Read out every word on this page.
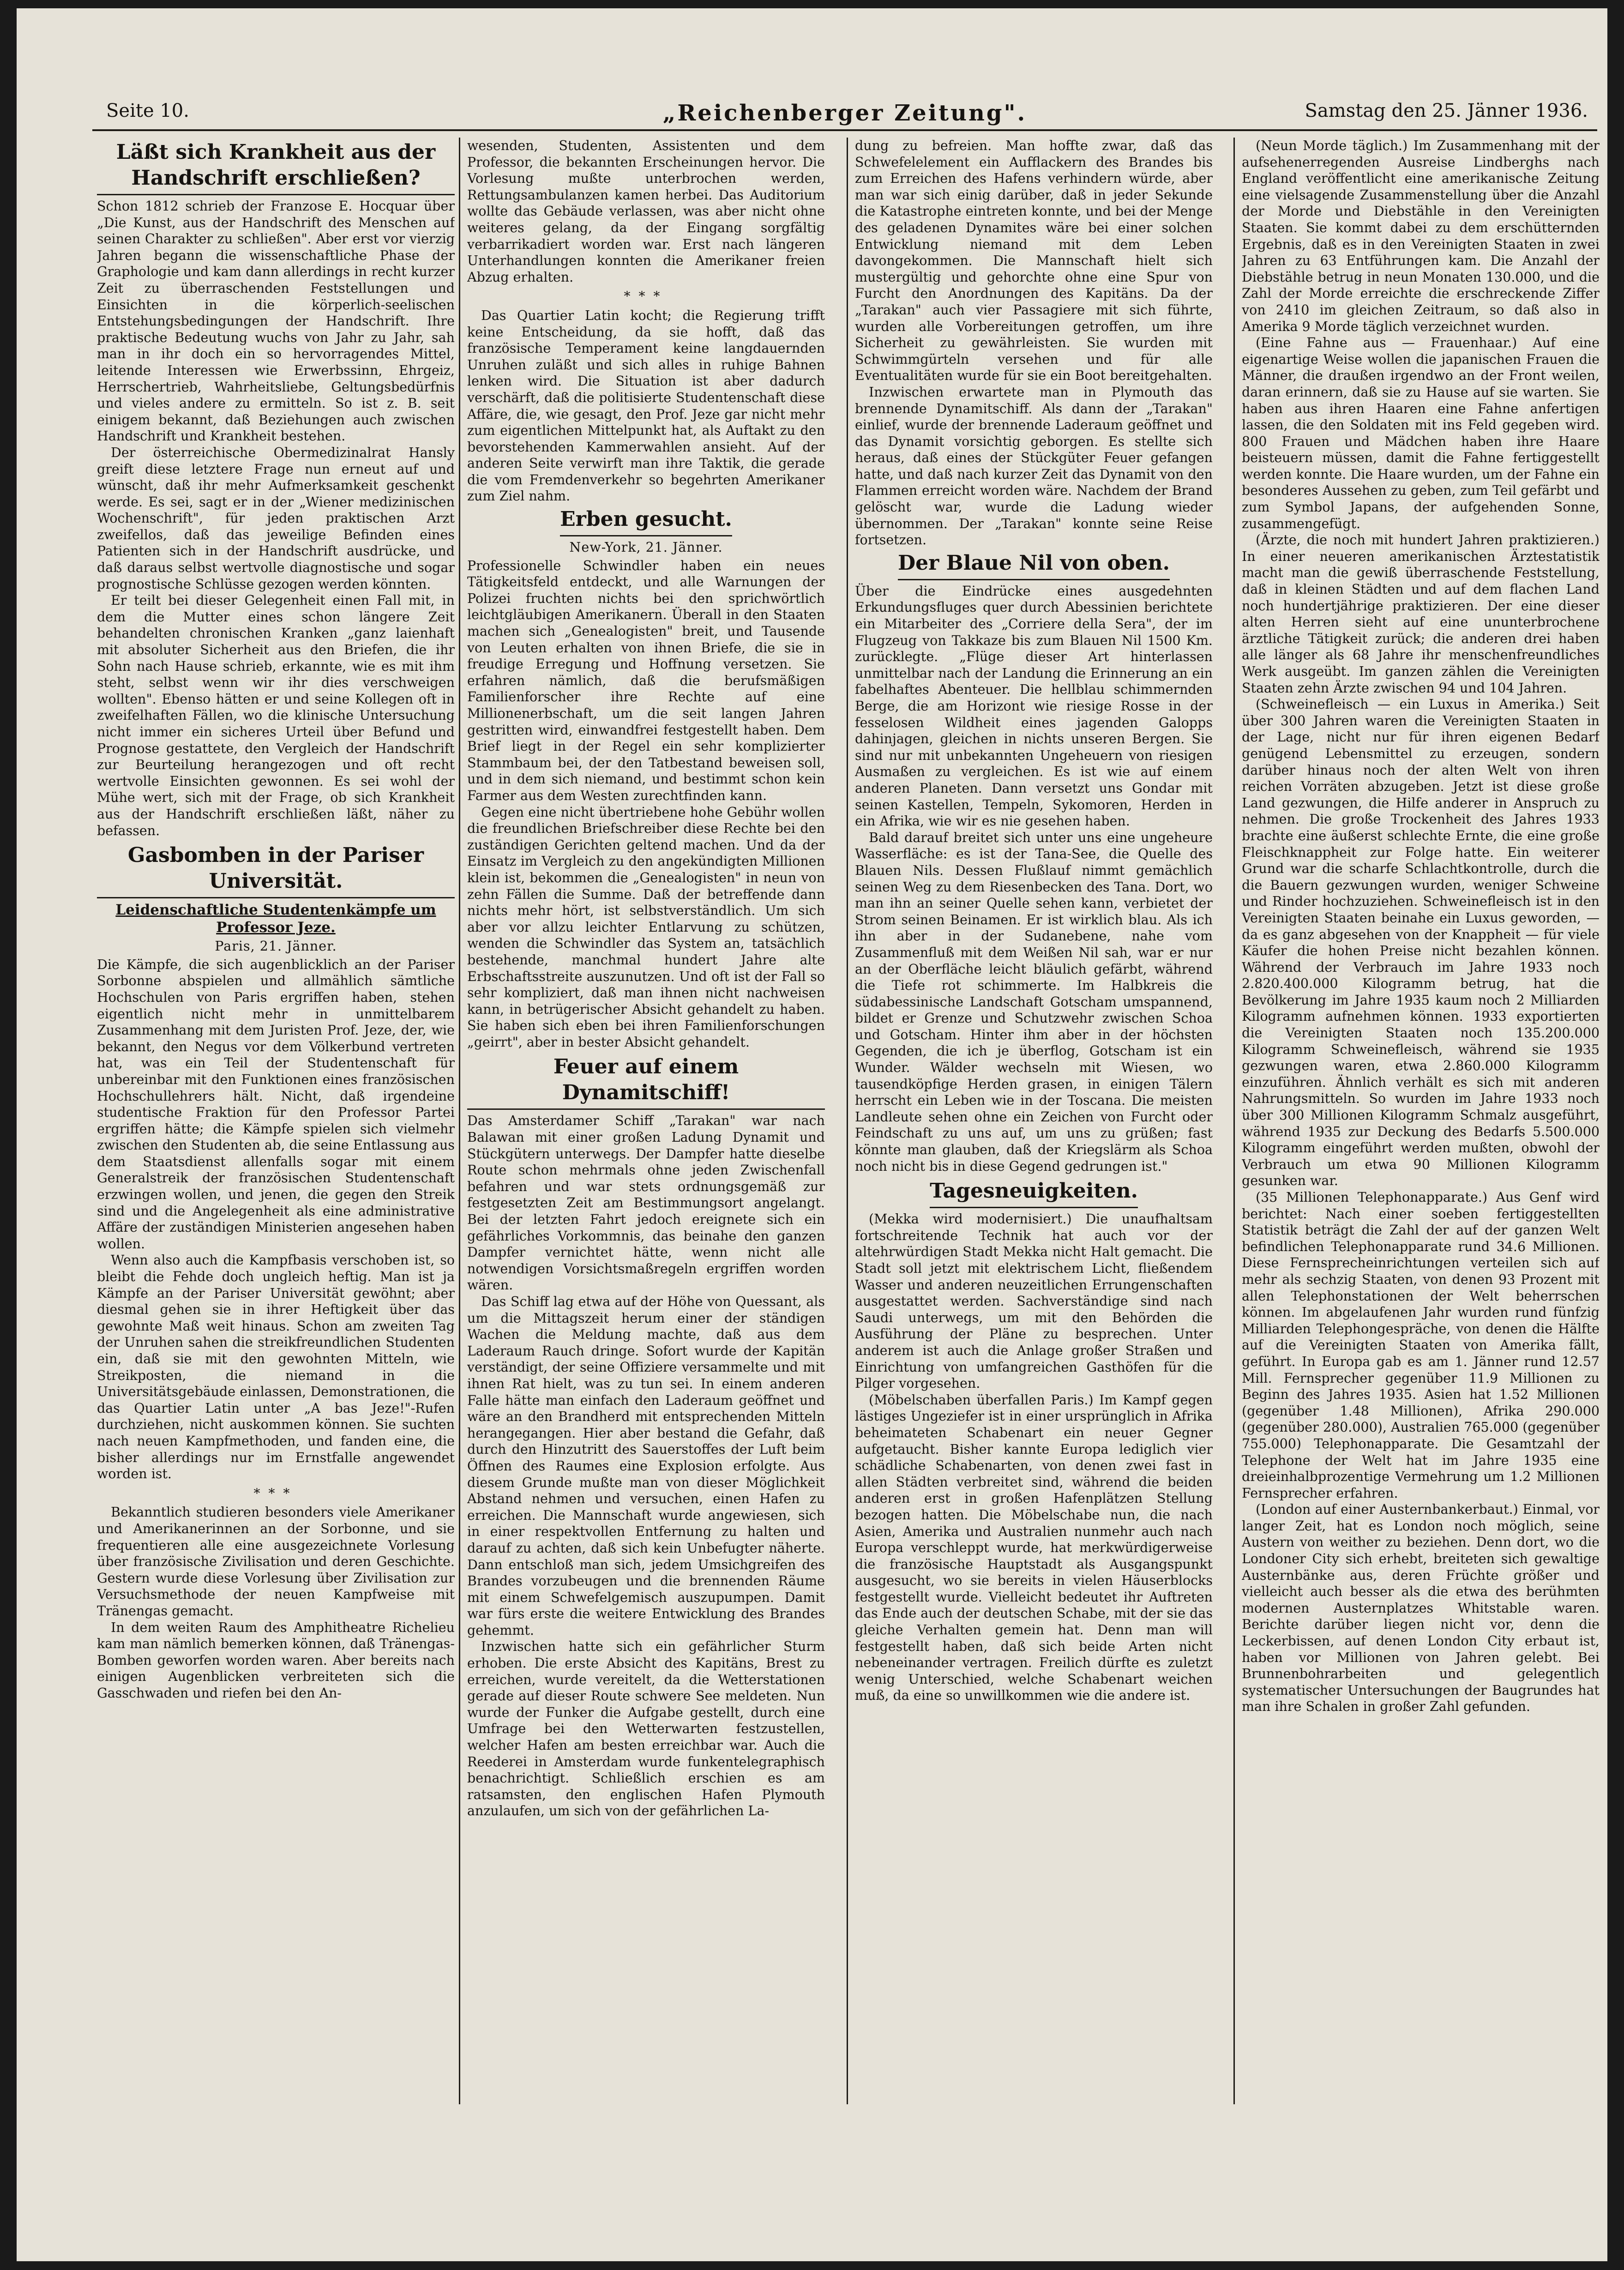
Seite 10.	„Reichenberger Zeitung".	Samstag den 25. Jänner 1936.
Läßt sich Krankheit aus der Handschrift erschließen?

Schon 1812 schrieb der Franzose E. Hocquar über „Die Kunst, aus der Handschrift des Menschen auf seinen Charakter zu schließen". Aber erst vor vierzig Jahren begann die wissenschaftliche Phase der Graphologie und kam dann allerdings in recht kurzer Zeit zu überraschenden Feststellungen und Einsichten in die körperlich-seelischen Entstehungsbedingungen der Handschrift. Ihre praktische Bedeutung wuchs von Jahr zu Jahr, sah man in ihr doch ein so hervorragendes Mittel, leitende Interessen wie Erwerbssinn, Ehrgeiz, Herrschertrieb, Wahrheitsliebe, Geltungsbedürfnis und vieles andere zu ermitteln. So ist z. B. seit einigem bekannt, daß Beziehungen auch zwischen Handschrift und Krankheit bestehen.

Der österreichische Obermedizinalrat Hansly greift diese letztere Frage nun erneut auf und wünscht, daß ihr mehr Aufmerksamkeit geschenkt werde. Es sei, sagt er in der „Wiener medizinischen Wochenschrift", für jeden praktischen Arzt zweifellos, daß das jeweilige Befinden eines Patienten sich in der Handschrift ausdrücke, und daß daraus selbst wertvolle diagnostische und sogar prognostische Schlüsse gezogen werden könnten.

Er teilt bei dieser Gelegenheit einen Fall mit, in dem die Mutter eines schon längere Zeit behandelten chronischen Kranken „ganz laienhaft mit absoluter Sicherheit aus den Briefen, die ihr Sohn nach Hause schrieb, erkannte, wie es mit ihm steht, selbst wenn wir ihr dies verschweigen wollten". Ebenso hätten er und seine Kollegen oft in zweifelhaften Fällen, wo die klinische Untersuchung nicht immer ein sicheres Urteil über Befund und Prognose gestattete, den Vergleich der Handschrift zur Beurteilung herangezogen und oft recht wertvolle Einsichten gewonnen. Es sei wohl der Mühe wert, sich mit der Frage, ob sich Krankheit aus der Handschrift erschließen läßt, näher zu befassen.

Gasbomben in der Pariser Universität.
Leidenschaftliche Studentenkämpfe um Professor Jeze.
Paris, 21. Jänner.

Die Kämpfe, die sich augenblicklich an der Pariser Sorbonne abspielen und allmählich sämtliche Hochschulen von Paris ergriffen haben, stehen eigentlich nicht mehr in unmittelbarem Zusammenhang mit dem Juristen Prof. Jeze, der, wie bekannt, den Negus vor dem Völkerbund vertreten hat, was ein Teil der Studentenschaft für unbereinbar mit den Funktionen eines französischen Hochschullehrers hält. Nicht, daß irgendeine studentische Fraktion für den Professor Partei ergriffen hätte; die Kämpfe spielen sich vielmehr zwischen den Studenten ab, die seine Entlassung aus dem Staatsdienst allenfalls sogar mit einem Generalstreik der französischen Studentenschaft erzwingen wollen, und jenen, die gegen den Streik sind und die Angelegenheit als eine administrative Affäre der zuständigen Ministerien angesehen haben wollen.

Wenn also auch die Kampfbasis verschoben ist, so bleibt die Fehde doch ungleich heftig. Man ist ja Kämpfe an der Pariser Universität gewöhnt; aber diesmal gehen sie in ihrer Heftigkeit über das gewohnte Maß weit hinaus. Schon am zweiten Tag der Unruhen sahen die streikfreundlichen Studenten ein, daß sie mit den gewohnten Mitteln, wie Streikposten, die niemand in die Universitätsgebäude einlassen, Demonstrationen, die das Quartier Latin unter „A bas Jeze!"-Rufen durchziehen, nicht auskommen können. Sie suchten nach neuen Kampfmethoden, und fanden eine, die bisher allerdings nur im Ernstfalle angewendet worden ist.

***

Bekanntlich studieren besonders viele Amerikaner und Amerikanerinnen an der Sorbonne, und sie frequentieren alle eine ausgezeichnete Vorlesung über französische Zivilisation und deren Geschichte. Gestern wurde diese Vorlesung über Zivilisation zur Versuchsmethode der neuen Kampfweise mit Tränengas gemacht.

In dem weiten Raum des Amphitheatre Richelieu kam man nämlich bemerken können, daß Tränengas-Bomben geworfen worden waren. Aber bereits nach einigen Augenblicken verbreiteten sich die Gasschwaden und riefen bei den An-

wesenden, Studenten, Assistenten und dem Professor, die bekannten Erscheinungen hervor. Die Vorlesung mußte unterbrochen werden, Rettungsambulanzen kamen herbei. Das Auditorium wollte das Gebäude verlassen, was aber nicht ohne weiteres gelang, da der Eingang sorgfältig verbarrikadiert worden war. Erst nach längeren Unterhandlungen konnten die Amerikaner freien Abzug erhalten.

***

Das Quartier Latin kocht; die Regierung trifft keine Entscheidung, da sie hofft, daß das französische Temperament keine langdauernden Unruhen zuläßt und sich alles in ruhige Bahnen lenken wird. Die Situation ist aber dadurch verschärft, daß die politisierte Studentenschaft diese Affäre, die, wie gesagt, den Prof. Jeze gar nicht mehr zum eigentlichen Mittelpunkt hat, als Auftakt zu den bevorstehenden Kammerwahlen ansieht. Auf der anderen Seite verwirft man ihre Taktik, die gerade die vom Fremdenverkehr so begehrten Amerikaner zum Ziel nahm.

Erben gesucht.
New-York, 21. Jänner.

Professionelle Schwindler haben ein neues Tätigkeitsfeld entdeckt, und alle Warnungen der Polizei fruchten nichts bei den sprichwörtlich leichtgläubigen Amerikanern. Überall in den Staaten machen sich „Genealogisten" breit, und Tausende von Leuten erhalten von ihnen Briefe, die sie in freudige Erregung und Hoffnung versetzen. Sie erfahren nämlich, daß die berufsmäßigen Familienforscher ihre Rechte auf eine Millionenerbschaft, um die seit langen Jahren gestritten wird, einwandfrei festgestellt haben. Dem Brief liegt in der Regel ein sehr komplizierter Stammbaum bei, der den Tatbestand beweisen soll, und in dem sich niemand, und bestimmt schon kein Farmer aus dem Westen zurechtfinden kann.

Gegen eine nicht übertriebene hohe Gebühr wollen die freundlichen Briefschreiber diese Rechte bei den zuständigen Gerichten geltend machen. Und da der Einsatz im Vergleich zu den angekündigten Millionen klein ist, bekommen die „Genealogisten" in neun von zehn Fällen die Summe. Daß der betreffende dann nichts mehr hört, ist selbstverständlich. Um sich aber vor allzu leichter Entlarvung zu schützen, wenden die Schwindler das System an, tatsächlich bestehende, manchmal hundert Jahre alte Erbschaftsstreite auszunutzen. Und oft ist der Fall so sehr kompliziert, daß man ihnen nicht nachweisen kann, in betrügerischer Absicht gehandelt zu haben. Sie haben sich eben bei ihren Familienforschungen „geirrt", aber in bester Absicht gehandelt.

Feuer auf einem Dynamitschiff!

Das Amsterdamer Schiff „Tarakan" war nach Balawan mit einer großen Ladung Dynamit und Stückgütern unterwegs. Der Dampfer hatte dieselbe Route schon mehrmals ohne jeden Zwischenfall befahren und war stets ordnungsgemäß zur festgesetzten Zeit am Bestimmungsort angelangt. Bei der letzten Fahrt jedoch ereignete sich ein gefährliches Vorkommnis, das beinahe den ganzen Dampfer vernichtet hätte, wenn nicht alle notwendigen Vorsichtsmaßregeln ergriffen worden wären.

Das Schiff lag etwa auf der Höhe von Quessant, als um die Mittagszeit herum einer der ständigen Wachen die Meldung machte, daß aus dem Laderaum Rauch dringe. Sofort wurde der Kapitän verständigt, der seine Offiziere versammelte und mit ihnen Rat hielt, was zu tun sei. In einem anderen Falle hätte man einfach den Laderaum geöffnet und wäre an den Brandherd mit entsprechenden Mitteln herangegangen. Hier aber bestand die Gefahr, daß durch den Hinzutritt des Sauerstoffes der Luft beim Öffnen des Raumes eine Explosion erfolgte. Aus diesem Grunde mußte man von dieser Möglichkeit Abstand nehmen und versuchen, einen Hafen zu erreichen. Die Mannschaft wurde angewiesen, sich in einer respektvollen Entfernung zu halten und darauf zu achten, daß sich kein Unbefugter näherte. Dann entschloß man sich, jedem Umsichgreifen des Brandes vorzubeugen und die brennenden Räume mit einem Schwefelgemisch auszupumpen. Damit war fürs erste die weitere Entwicklung des Brandes gehemmt.

Inzwischen hatte sich ein gefährlicher Sturm erhoben. Die erste Absicht des Kapitäns, Brest zu erreichen, wurde vereitelt, da die Wetterstationen gerade auf dieser Route schwere See meldeten. Nun wurde der Funker die Aufgabe gestellt, durch eine Umfrage bei den Wetterwarten festzustellen, welcher Hafen am besten erreichbar war. Auch die Reederei in Amsterdam wurde funkentelegraphisch benachrichtigt. Schließlich erschien es am ratsamsten, den englischen Hafen Plymouth anzulaufen, um sich von der gefährlichen La-

dung zu befreien. Man hoffte zwar, daß das Schwefelelement ein Aufflackern des Brandes bis zum Erreichen des Hafens verhindern würde, aber man war sich einig darüber, daß in jeder Sekunde die Katastrophe eintreten konnte, und bei der Menge des geladenen Dynamites wäre bei einer solchen Entwicklung niemand mit dem Leben davongekommen. Die Mannschaft hielt sich mustergültig und gehorchte ohne eine Spur von Furcht den Anordnungen des Kapitäns. Da der „Tarakan" auch vier Passagiere mit sich führte, wurden alle Vorbereitungen getroffen, um ihre Sicherheit zu gewährleisten. Sie wurden mit Schwimmgürteln versehen und für alle Eventualitäten wurde für sie ein Boot bereitgehalten.

Inzwischen erwartete man in Plymouth das brennende Dynamitschiff. Als dann der „Tarakan" einlief, wurde der brennende Laderaum geöffnet und das Dynamit vorsichtig geborgen. Es stellte sich heraus, daß eines der Stückgüter Feuer gefangen hatte, und daß nach kurzer Zeit das Dynamit von den Flammen erreicht worden wäre. Nachdem der Brand gelöscht war, wurde die Ladung wieder übernommen. Der „Tarakan" konnte seine Reise fortsetzen.

Der Blaue Nil von oben.

Über die Eindrücke eines ausgedehnten Erkundungsfluges quer durch Abessinien berichtete ein Mitarbeiter des „Corriere della Sera", der im Flugzeug von Takkaze bis zum Blauen Nil 1500 Km. zurücklegte. „Flüge dieser Art hinterlassen unmittelbar nach der Landung die Erinnerung an ein fabelhaftes Abenteuer. Die hellblau schimmernden Berge, die am Horizont wie riesige Rosse in der fesselosen Wildheit eines jagenden Galopps dahinjagen, gleichen in nichts unseren Bergen. Sie sind nur mit unbekannten Ungeheuern von riesigen Ausmaßen zu vergleichen. Es ist wie auf einem anderen Planeten. Dann versetzt uns Gondar mit seinen Kastellen, Tempeln, Sykomoren, Herden in ein Afrika, wie wir es nie gesehen haben.

Bald darauf breitet sich unter uns eine ungeheure Wasserfläche: es ist der Tana-See, die Quelle des Blauen Nils. Dessen Flußlauf nimmt gemächlich seinen Weg zu dem Riesenbecken des Tana. Dort, wo man ihn an seiner Quelle sehen kann, verbietet der Strom seinen Beinamen. Er ist wirklich blau. Als ich ihn aber in der Sudanebene, nahe vom Zusammenfluß mit dem Weißen Nil sah, war er nur an der Oberfläche leicht bläulich gefärbt, während die Tiefe rot schimmerte. Im Halbkreis die südabessinische Landschaft Gotscham umspannend, bildet er Grenze und Schutzwehr zwischen Schoa und Gotscham. Hinter ihm aber in der höchsten Gegenden, die ich je überflog, Gotscham ist ein Wunder. Wälder wechseln mit Wiesen, wo tausendköpfige Herden grasen, in einigen Tälern herrscht ein Leben wie in der Toscana. Die meisten Landleute sehen ohne ein Zeichen von Furcht oder Feindschaft zu uns auf, um uns zu grüßen; fast könnte man glauben, daß der Kriegslärm als Schoa noch nicht bis in diese Gegend gedrungen ist."

Tagesneuigkeiten.

(Mekka wird modernisiert.) Die unaufhaltsam fortschreitende Technik hat auch vor der altehrwürdigen Stadt Mekka nicht Halt gemacht. Die Stadt soll jetzt mit elektrischem Licht, fließendem Wasser und anderen neuzeitlichen Errungenschaften ausgestattet werden. Sachverständige sind nach Saudi unterwegs, um mit den Behörden die Ausführung der Pläne zu besprechen. Unter anderem ist auch die Anlage großer Straßen und Einrichtung von umfangreichen Gasthöfen für die Pilger vorgesehen.

(Möbelschaben überfallen Paris.) Im Kampf gegen lästiges Ungeziefer ist in einer ursprünglich in Afrika beheimateten Schabenart ein neuer Gegner aufgetaucht. Bisher kannte Europa lediglich vier schädliche Schabenarten, von denen zwei fast in allen Städten verbreitet sind, während die beiden anderen erst in großen Hafenplätzen Stellung bezogen hatten. Die Möbelschabe nun, die nach Asien, Amerika und Australien nunmehr auch nach Europa verschleppt wurde, hat merkwürdigerweise die französische Hauptstadt als Ausgangspunkt ausgesucht, wo sie bereits in vielen Häuserblocks festgestellt wurde. Vielleicht bedeutet ihr Auftreten das Ende auch der deutschen Schabe, mit der sie das gleiche Verhalten gemein hat. Denn man will festgestellt haben, daß sich beide Arten nicht nebeneinander vertragen. Freilich dürfte es zuletzt wenig Unterschied, welche Schabenart weichen muß, da eine so unwillkommen wie die andere ist.

(Neun Morde täglich.) Im Zusammenhang mit der aufsehenerregenden Ausreise Lindberghs nach England veröffentlicht eine amerikanische Zeitung eine vielsagende Zusammenstellung über die Anzahl der Morde und Diebstähle in den Vereinigten Staaten. Sie kommt dabei zu dem erschütternden Ergebnis, daß es in den Vereinigten Staaten in zwei Jahren zu 63 Entführungen kam. Die Anzahl der Diebstähle betrug in neun Monaten 130.000, und die Zahl der Morde erreichte die erschreckende Ziffer von 2410 im gleichen Zeitraum, so daß also in Amerika 9 Morde täglich verzeichnet wurden.

(Eine Fahne aus — Frauenhaar.) Auf eine eigenartige Weise wollen die japanischen Frauen die Männer, die draußen irgendwo an der Front weilen, daran erinnern, daß sie zu Hause auf sie warten. Sie haben aus ihren Haaren eine Fahne anfertigen lassen, die den Soldaten mit ins Feld gegeben wird. 800 Frauen und Mädchen haben ihre Haare beisteuern müssen, damit die Fahne fertiggestellt werden konnte. Die Haare wurden, um der Fahne ein besonderes Aussehen zu geben, zum Teil gefärbt und zum Symbol Japans, der aufgehenden Sonne, zusammengefügt.

(Ärzte, die noch mit hundert Jahren praktizieren.) In einer neueren amerikanischen Ärztestatistik macht man die gewiß überraschende Feststellung, daß in kleinen Städten und auf dem flachen Land noch hundertjährige praktizieren. Der eine dieser alten Herren sieht auf eine ununterbrochene ärztliche Tätigkeit zurück; die anderen drei haben alle länger als 68 Jahre ihr menschenfreundliches Werk ausgeübt. Im ganzen zählen die Vereinigten Staaten zehn Ärzte zwischen 94 und 104 Jahren.

(Schweinefleisch — ein Luxus in Amerika.) Seit über 300 Jahren waren die Vereinigten Staaten in der Lage, nicht nur für ihren eigenen Bedarf genügend Lebensmittel zu erzeugen, sondern darüber hinaus noch der alten Welt von ihren reichen Vorräten abzugeben. Jetzt ist diese große Land gezwungen, die Hilfe anderer in Anspruch zu nehmen. Die große Trockenheit des Jahres 1933 brachte eine äußerst schlechte Ernte, die eine große Fleischknappheit zur Folge hatte. Ein weiterer Grund war die scharfe Schlachtkontrolle, durch die die Bauern gezwungen wurden, weniger Schweine und Rinder hochzuziehen. Schweinefleisch ist in den Vereinigten Staaten beinahe ein Luxus geworden, — da es ganz abgesehen von der Knappheit — für viele Käufer die hohen Preise nicht bezahlen können. Während der Verbrauch im Jahre 1933 noch 2.820.400.000 Kilogramm betrug, hat die Bevölkerung im Jahre 1935 kaum noch 2 Milliarden Kilogramm aufnehmen können. 1933 exportierten die Vereinigten Staaten noch 135.200.000 Kilogramm Schweinefleisch, während sie 1935 gezwungen waren, etwa 2.860.000 Kilogramm einzuführen. Ähnlich verhält es sich mit anderen Nahrungsmitteln. So wurden im Jahre 1933 noch über 300 Millionen Kilogramm Schmalz ausgeführt, während 1935 zur Deckung des Bedarfs 5.500.000 Kilogramm eingeführt werden mußten, obwohl der Verbrauch um etwa 90 Millionen Kilogramm gesunken war.

(35 Millionen Telephonapparate.) Aus Genf wird berichtet: Nach einer soeben fertiggestellten Statistik beträgt die Zahl der auf der ganzen Welt befindlichen Telephonapparate rund 34.6 Millionen. Diese Fernsprecheinrichtungen verteilen sich auf mehr als sechzig Staaten, von denen 93 Prozent mit allen Telephonstationen der Welt beherrschen können. Im abgelaufenen Jahr wurden rund fünfzig Milliarden Telephongespräche, von denen die Hälfte auf die Vereinigten Staaten von Amerika fällt, geführt. In Europa gab es am 1. Jänner rund 12.57 Mill. Fernsprecher gegenüber 11.9 Millionen zu Beginn des Jahres 1935. Asien hat 1.52 Millionen (gegenüber 1.48 Millionen), Afrika 290.000 (gegenüber 280.000), Australien 765.000 (gegenüber 755.000) Telephonapparate. Die Gesamtzahl der Telephone der Welt hat im Jahre 1935 eine dreieinhalbprozentige Vermehrung um 1.2 Millionen Fernsprecher erfahren.

(London auf einer Austernbankerbaut.) Einmal, vor langer Zeit, hat es London noch möglich, seine Austern von weither zu beziehen. Denn dort, wo die Londoner City sich erhebt, breiteten sich gewaltige Austernbänke aus, deren Früchte größer und vielleicht auch besser als die etwa des berühmten modernen Austernplatzes Whitstable waren. Berichte darüber liegen nicht vor, denn die Leckerbissen, auf denen London City erbaut ist, haben vor Millionen von Jahren gelebt. Bei Brunnenbohrarbeiten und gelegentlich systematischer Untersuchungen der Baugrundes hat man ihre Schalen in großer Zahl gefunden.
